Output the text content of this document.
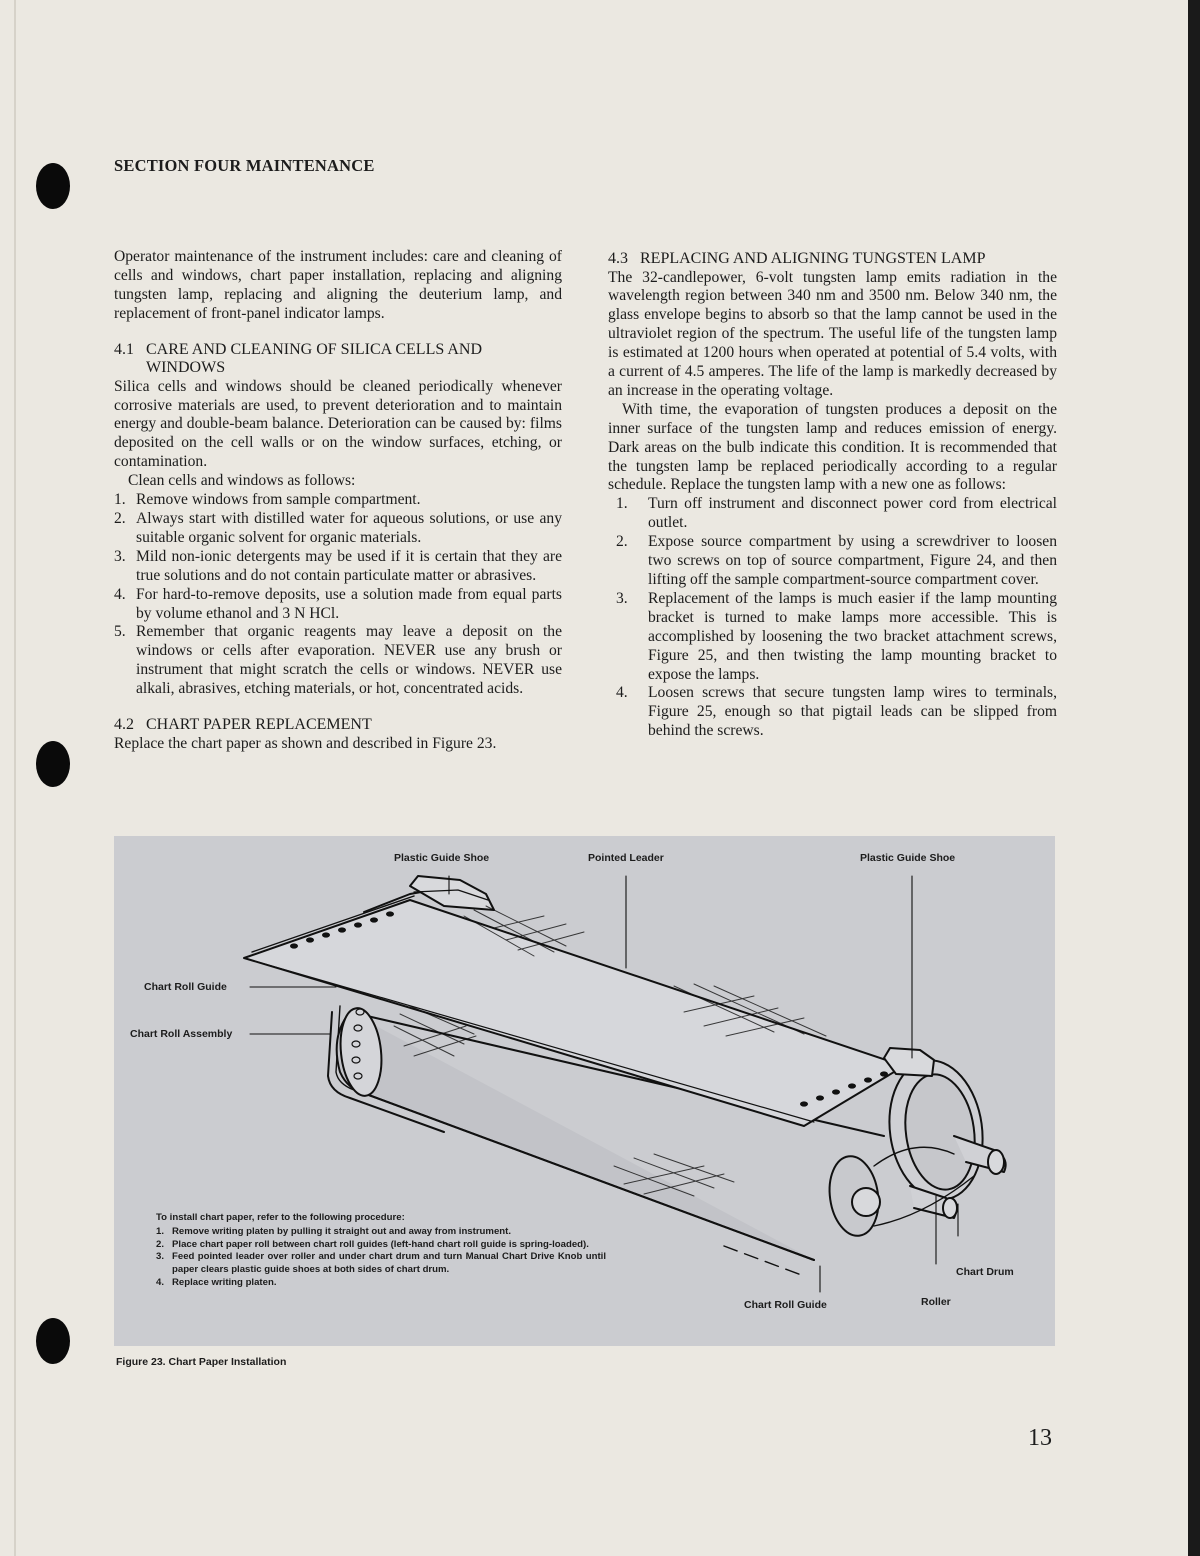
SECTION FOUR MAINTENANCE

Operator maintenance of the instrument includes: care and cleaning of cells and windows, chart paper installation, replacing and aligning tungsten lamp, replacing and aligning the deuterium lamp, and replacement of front-panel indicator lamps.

4.1 CARE AND CLEANING OF SILICA CELLS AND WINDOWS

Silica cells and windows should be cleaned periodically whenever corrosive materials are used, to prevent deterioration and to maintain energy and double-beam balance. Deterioration can be caused by: films deposited on the cell walls or on the window surfaces, etching, or contamination.

Clean cells and windows as follows:

1. Remove windows from sample compartment.
2. Always start with distilled water for aqueous solutions, or use any suitable organic solvent for organic materials.
3. Mild non-ionic detergents may be used if it is certain that they are true solutions and do not contain particulate matter or abrasives.
4. For hard-to-remove deposits, use a solution made from equal parts by volume ethanol and 3 N HCl.
5. Remember that organic reagents may leave a deposit on the windows or cells after evaporation. NEVER use any brush or instrument that might scratch the cells or windows. NEVER use alkali, abrasives, etching materials, or hot, concentrated acids.
4.2 CHART PAPER REPLACEMENT

Replace the chart paper as shown and described in Figure 23.

4.3 REPLACING AND ALIGNING TUNGSTEN LAMP

The 32-candlepower, 6-volt tungsten lamp emits radiation in the wavelength region between 340 nm and 3500 nm. Below 340 nm, the glass envelope begins to absorb so that the lamp cannot be used in the ultraviolet region of the spectrum. The useful life of the tungsten lamp is estimated at 1200 hours when operated at potential of 5.4 volts, with a current of 4.5 amperes. The life of the lamp is markedly decreased by an increase in the operating voltage.

With time, the evaporation of tungsten produces a deposit on the inner surface of the tungsten lamp and reduces emission of energy. Dark areas on the bulb indicate this condition. It is recommended that the tungsten lamp be replaced periodically according to a regular schedule. Replace the tungsten lamp with a new one as follows:

1.	Turn off instrument and disconnect power cord from electrical outlet.
2.	Expose source compartment by using a screwdriver to loosen two screws on top of source compartment, Figure 24, and then lifting off the sample compartment-source compartment cover.
3.	Replacement of the lamps is much easier if the lamp mounting bracket is turned to make lamps more accessible. This is accomplished by loosening the two bracket attachment screws, Figure 25, and then twisting the lamp mounting bracket to expose the lamps.
4.	Loosen screws that secure tungsten lamp wires to terminals, Figure 25, enough so that pigtail leads can be slipped from behind the screws.
Plastic Guide Shoe	Pointed Leader	Plastic Guide Shoe
Chart Roll Guide
Chart Roll Assembly
Chart Roll Guide	Roller
Chart Drum

To install chart paper, refer to the following procedure:

1. Remove writing platen by pulling it straight out and away from instrument.
2. Place chart paper roll between chart roll guides (left-hand chart roll guide is spring-loaded).
3. Feed pointed leader over roller and under chart drum and turn Manual Chart Drive Knob until paper clears plastic guide shoes at both sides of chart drum.
4. Replace writing platen.
Figure 23. Chart Paper Installation
13
